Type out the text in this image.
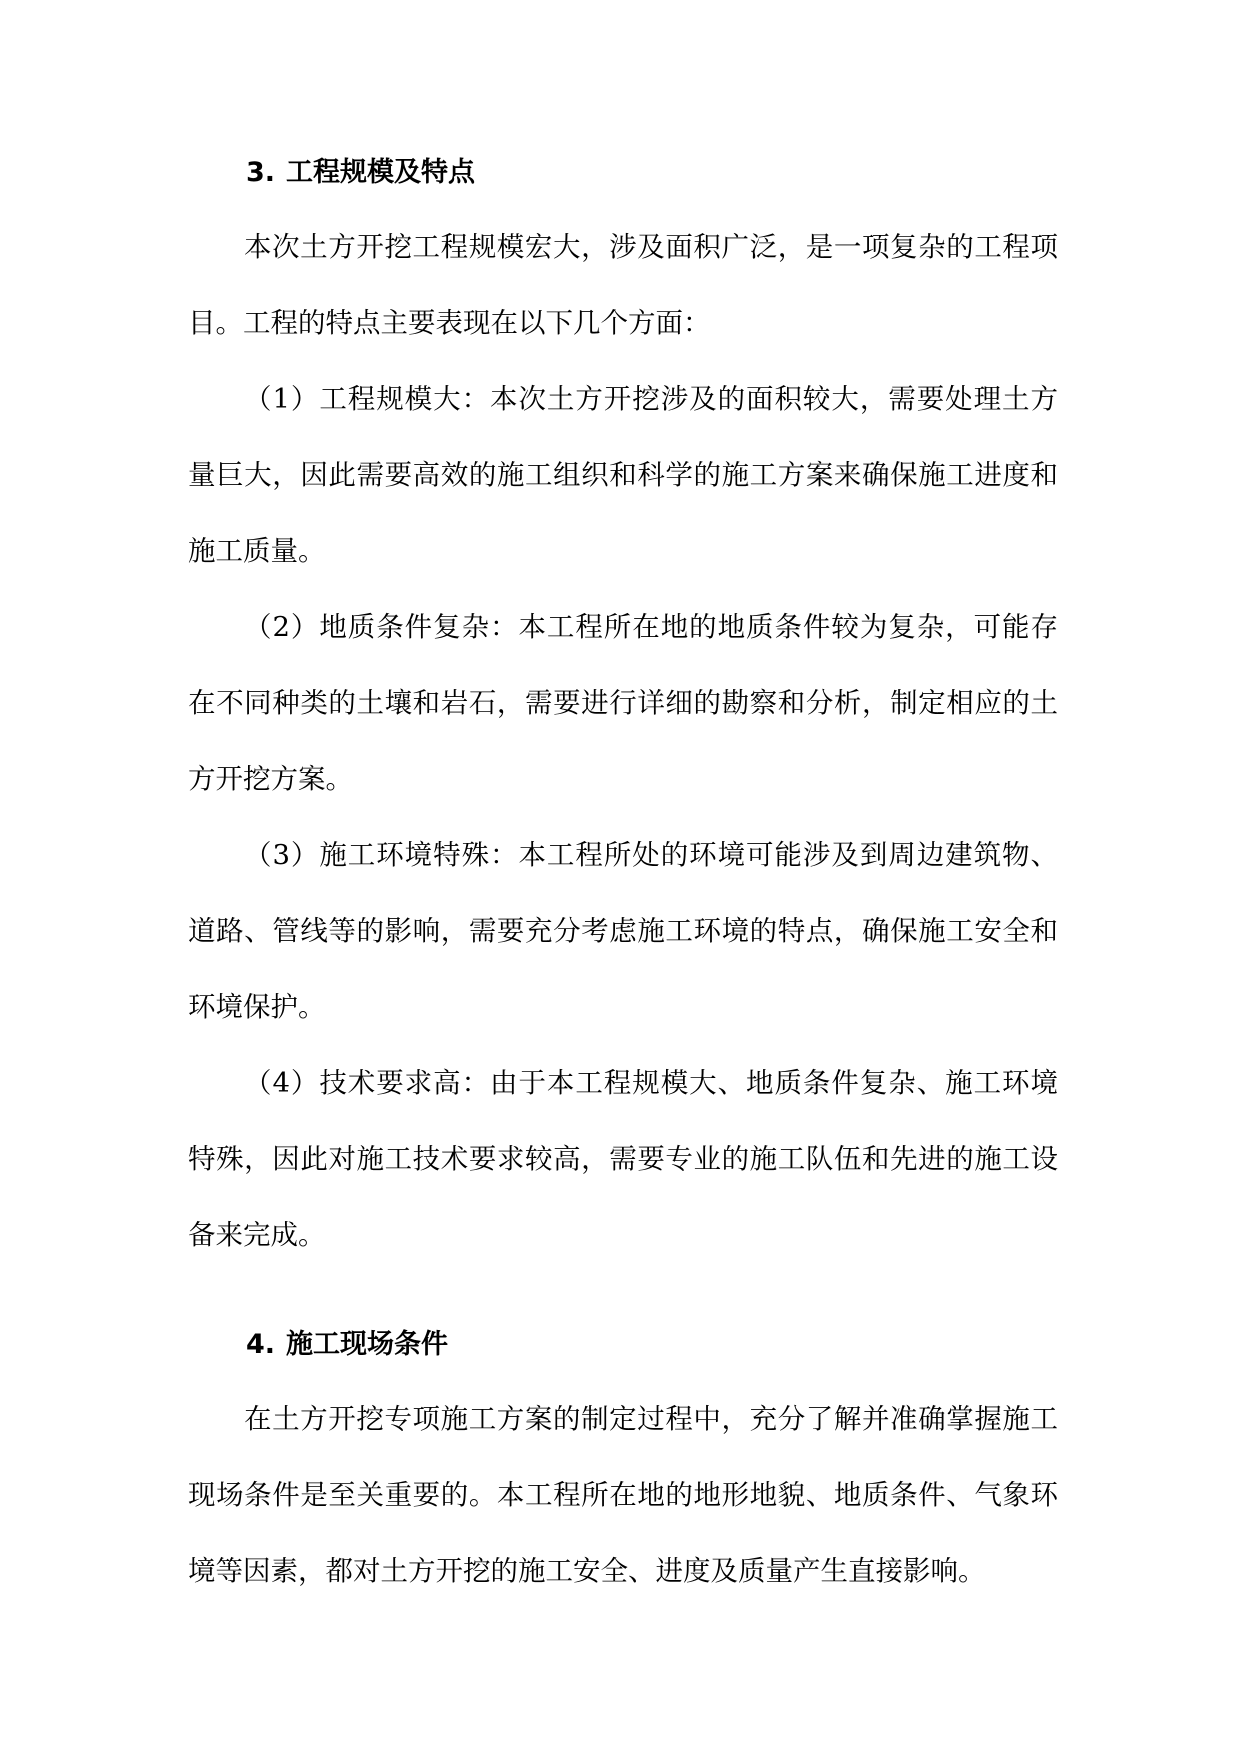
3. 工程规模及特点

本次土方开挖工程规模宏大，涉及面积广泛，是一项复杂的工程项目。工程的特点主要表现在以下几个方面：

（1）工程规模大：本次土方开挖涉及的面积较大，需要处理土方量巨大，因此需要高效的施工组织和科学的施工方案来确保施工进度和施工质量。

（2）地质条件复杂：本工程所在地的地质条件较为复杂，可能存在不同种类的土壤和岩石，需要进行详细的勘察和分析，制定相应的土方开挖方案。

（3）施工环境特殊：本工程所处的环境可能涉及到周边建筑物、道路、管线等的影响，需要充分考虑施工环境的特点，确保施工安全和环境保护。

（4）技术要求高：由于本工程规模大、地质条件复杂、施工环境特殊，因此对施工技术要求较高，需要专业的施工队伍和先进的施工设备来完成。

4. 施工现场条件

在土方开挖专项施工方案的制定过程中，充分了解并准确掌握施工现场条件是至关重要的。本工程所在地的地形地貌、地质条件、气象环境等因素，都对土方开挖的施工安全、进度及质量产生直接影响。
